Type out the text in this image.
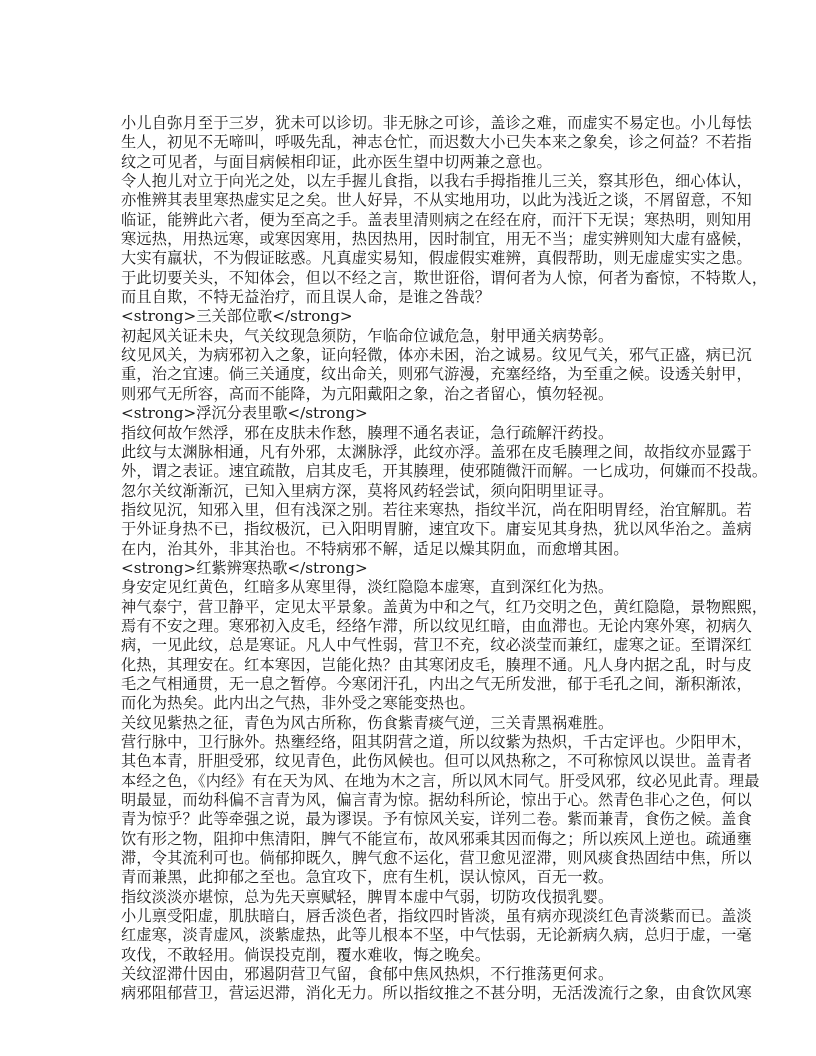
小儿自弥月至于三岁，犹未可以诊切。非无脉之可诊，盖诊之难，而虚实不易定也。小儿每怯
生人，初见不无啼叫，呼吸先乱，神志仓忙，而迟数大小已失本来之象矣，诊之何益？不若指
纹之可见者，与面目病候相印证，此亦医生望中切两兼之意也。
令人抱儿对立于向光之处，以左手握儿食指，以我右手拇指推儿三关，察其形色，细心体认，
亦惟辨其表里寒热虚实足之矣。世人好异，不从实地用功，以此为浅近之谈，不屑留意，不知
临证，能辨此六者，便为至高之手。盖表里清则病之在经在府，而汗下无误；寒热明，则知用
寒远热，用热远寒，或寒因寒用，热因热用，因时制宜，用无不当；虚实辨则知大虚有盛候，
大实有羸状，不为假证眩惑。凡真虚实易知，假虚假实难辨，真假帮助，则无虚虚实实之患。
于此切要关头，不知体会，但以不经之言，欺世诳俗，谓何者为人惊，何者为畜惊，不特欺人，
而且自欺，不特无益治疗，而且误人命，是谁之咎哉？
<strong>三关部位歌</strong>
初起风关证未央，气关纹现急须防，乍临命位诚危急，射甲通关病势彰。
纹见风关，为病邪初入之象，证向轻微，体亦未困，治之诚易。纹见气关，邪气正盛，病已沉
重，治之宜速。倘三关通度，纹出命关，则邪气游漫，充塞经络，为至重之候。设透关射甲，
则邪气无所容，高而不能降，为亢阳戴阳之象，治之者留心，慎勿轻视。
<strong>浮沉分表里歌</strong>
指纹何故乍然浮，邪在皮肤未作愁，腠理不通名表证，急行疏解汗药投。
此纹与太渊脉相通，凡有外邪，太渊脉浮，此纹亦浮。盖邪在皮毛腠理之间，故指纹亦显露于
外，谓之表证。速宜疏散，启其皮毛，开其腠理，使邪随微汗而解。一匕成功，何嫌而不投哉。
忽尔关纹渐渐沉，已知入里病方深，莫将风药轻尝试，须向阳明里证寻。
指纹见沉，知邪入里，但有浅深之别。若往来寒热，指纹半沉，尚在阳明胃经，治宜解肌。若
于外证身热不已，指纹极沉，已入阳明胃腑，速宜攻下。庸妄见其身热，犹以风华治之。盖病
在内，治其外，非其治也。不特病邪不解，适足以燥其阴血，而愈增其困。
<strong>红紫辨寒热歌</strong>
身安定见红黄色，红暗多从寒里得，淡红隐隐本虚寒，直到深红化为热。
神气泰宁，营卫静平，定见太平景象。盖黄为中和之气，红乃交明之色，黄红隐隐，景物熙熙，
焉有不安之理。寒邪初入皮毛，经络乍滞，所以纹见红暗，由血滞也。无论内寒外寒，初病久
病，一见此纹，总是寒证。凡人中气性弱，营卫不充，纹必淡莹而兼红，虚寒之证。至谓深红
化热，其理安在。红本寒因，岂能化热？由其寒闭皮毛，腠理不通。凡人身内据之乱，时与皮
毛之气相通贯，无一息之暂停。今寒闭汗孔，内出之气无所发泄，郁于毛孔之间，渐积渐浓，
而化为热矣。此内出之气热，非外受之寒能变热也。
关纹见紫热之征，青色为风古所称，伤食紫青痰气逆，三关青黑祸难胜。
营行脉中，卫行脉外。热壅经络，阻其阴营之道，所以纹紫为热炽，千古定评也。少阳甲木，
其色本青，肝胆受邪，纹见青色，此伤风候也。但可以风热称之，不可称惊风以误世。盖青者
本经之色，《内经》有在天为风、在地为木之言，所以风木同气。肝受风邪，纹必见此青。理最
明最显，而幼科偏不言青为风，偏言青为惊。据幼科所论，惊出于心。然青色非心之色，何以
青为惊乎？此等牵强之说，最为谬误。予有惊风关妄，详列二卷。紫而兼青，食伤之候。盖食
饮有形之物，阻抑中焦清阳，脾气不能宣布，故风邪乘其因而侮之；所以疾风上逆也。疏通壅
滞，令其流利可也。倘郁抑既久，脾气愈不运化，营卫愈见涩滞，则风痰食热固结中焦，所以
青而兼黑，此抑郁之至也。急宜攻下，庶有生机，误认惊风，百无一救。
指纹淡淡亦堪惊，总为先天禀赋轻，脾胃本虚中气弱，切防攻伐损乳婴。
小儿禀受阳虚，肌肤暗白，唇舌淡色者，指纹四时皆淡，虽有病亦现淡红色青淡紫而已。盖淡
红虚寒，淡青虚风，淡紫虚热，此等儿根本不坚，中气怯弱，无论新病久病，总归于虚，一毫
攻伐，不敢轻用。倘误投克削，覆水难收，悔之晚矣。
关纹涩滞什因由，邪遏阴营卫气留，食郁中焦风热炽，不行推荡更何求。
病邪阻郁营卫，营运迟滞，消化无力。所以指纹推之不甚分明，无活泼流行之象，由食饮风寒
